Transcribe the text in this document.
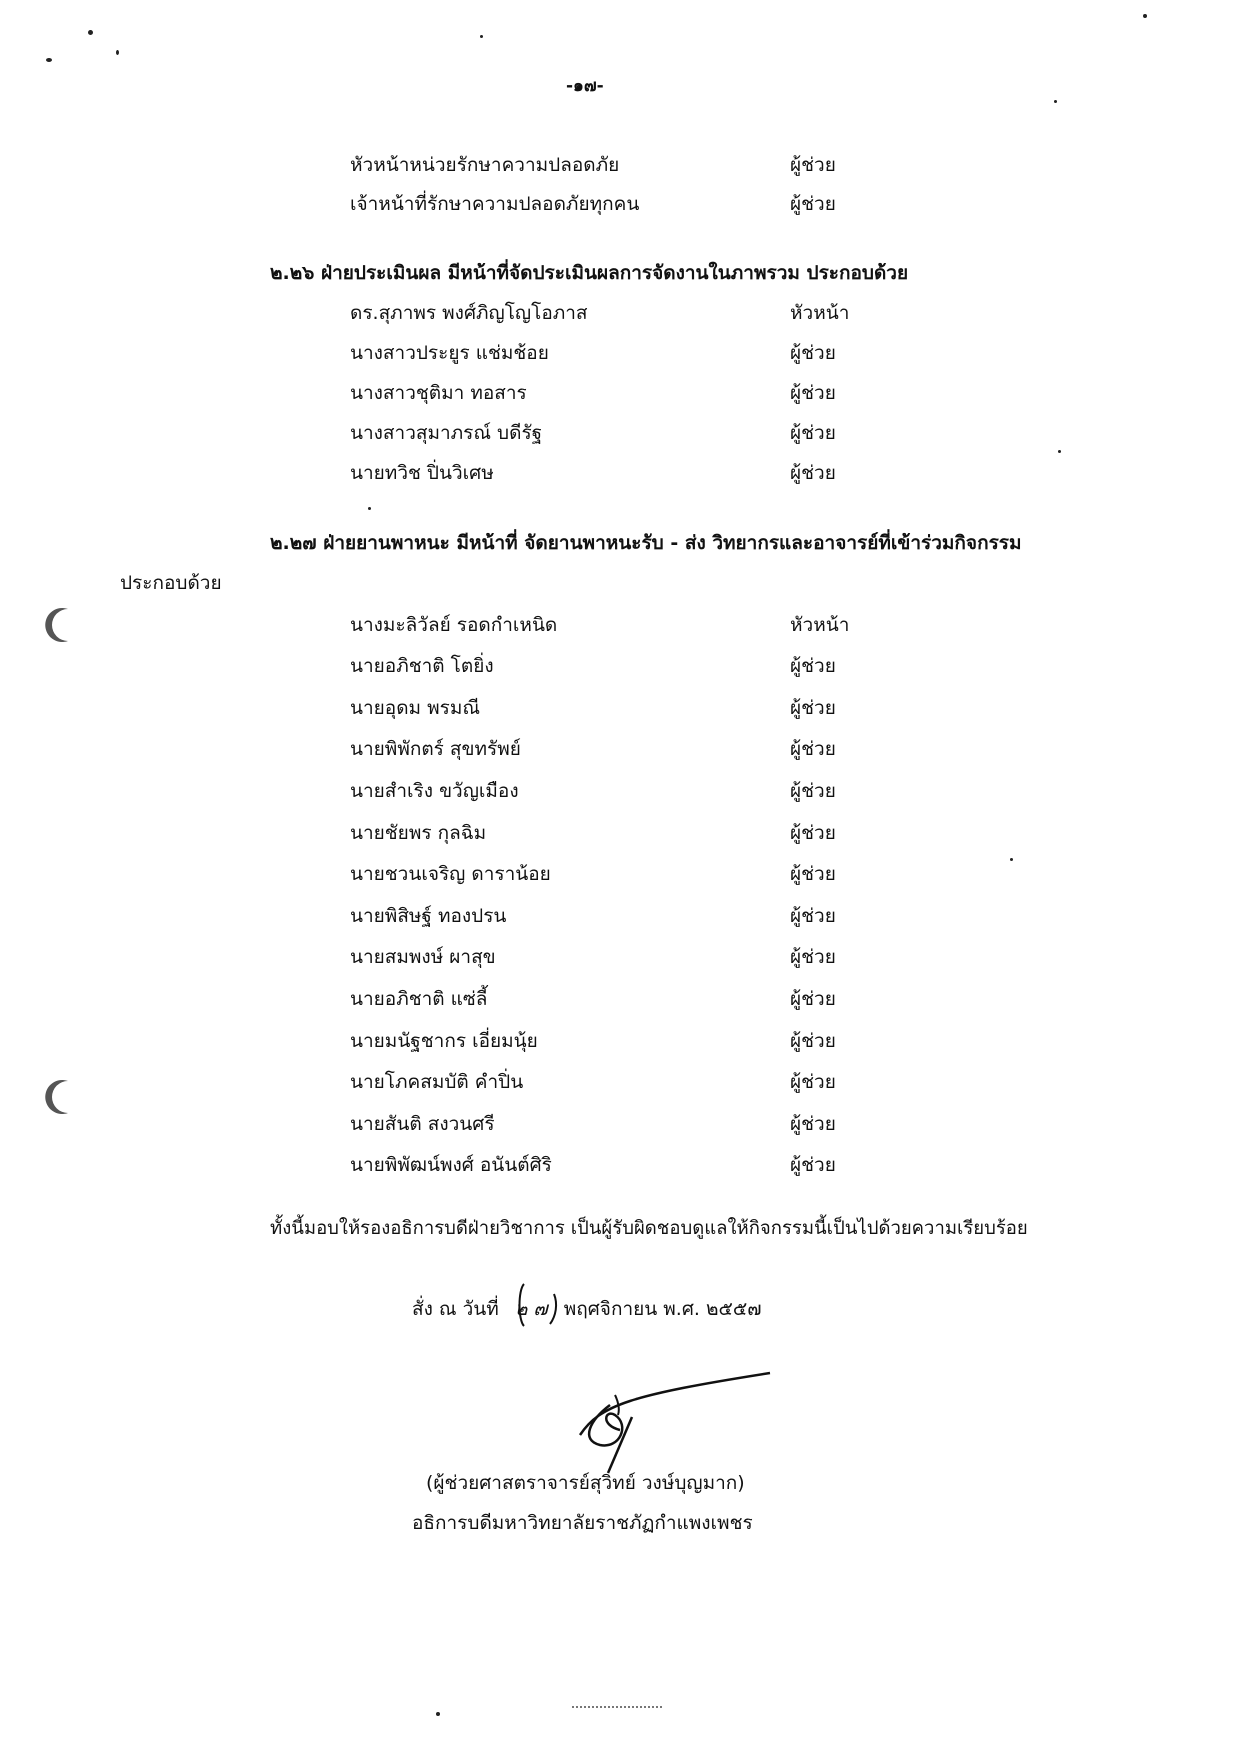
-๑๗-
หัวหน้าหน่วยรักษาความปลอดภัย	ผู้ช่วย
เจ้าหน้าที่รักษาความปลอดภัยทุกคน	ผู้ช่วย
๒.๒๖ ฝ่ายประเมินผล มีหน้าที่จัดประเมินผลการจัดงานในภาพรวม ประกอบด้วย
ดร.สุภาพร พงศ์ภิญโญโอภาส	หัวหน้า
นางสาวประยูร แช่มช้อย	ผู้ช่วย
นางสาวชุติมา ทอสาร	ผู้ช่วย
นางสาวสุมาภรณ์ บดีรัฐ	ผู้ช่วย
นายทวิช ปิ่นวิเศษ	ผู้ช่วย
๒.๒๗ ฝ่ายยานพาหนะ มีหน้าที่ จัดยานพาหนะรับ - ส่ง วิทยากรและอาจารย์ที่เข้าร่วมกิจกรรม
ประกอบด้วย
นางมะลิวัลย์ รอดกำเหนิด	หัวหน้า
นายอภิชาติ โตยิ่ง	ผู้ช่วย
นายอุดม พรมณี	ผู้ช่วย
นายพิพักตร์ สุขทรัพย์	ผู้ช่วย
นายสำเริง ขวัญเมือง	ผู้ช่วย
นายชัยพร กุลฉิม	ผู้ช่วย
นายชวนเจริญ ดาราน้อย	ผู้ช่วย
นายพิสิษฐ์ ทองปรน	ผู้ช่วย
นายสมพงษ์ ผาสุข	ผู้ช่วย
นายอภิชาติ แซ่ลี้	ผู้ช่วย
นายมนัฐชากร เอี่ยมนุ้ย	ผู้ช่วย
นายโภคสมบัติ คำปิ่น	ผู้ช่วย
นายสันติ สงวนศรี	ผู้ช่วย
นายพิพัฒน์พงศ์ อนันต์ศิริ	ผู้ช่วย
ทั้งนี้มอบให้รองอธิการบดีฝ่ายวิชาการ เป็นผู้รับผิดชอบดูแลให้กิจกรรมนี้เป็นไปด้วยความเรียบร้อย
สั่ง ณ วันที่ ๒ ๗ พฤศจิกายน พ.ศ. ๒๕๕๗
(ผู้ช่วยศาสตราจารย์สุวิทย์ วงษ์บุญมาก)
อธิการบดีมหาวิทยาลัยราชภัฏกำแพงเพชร
